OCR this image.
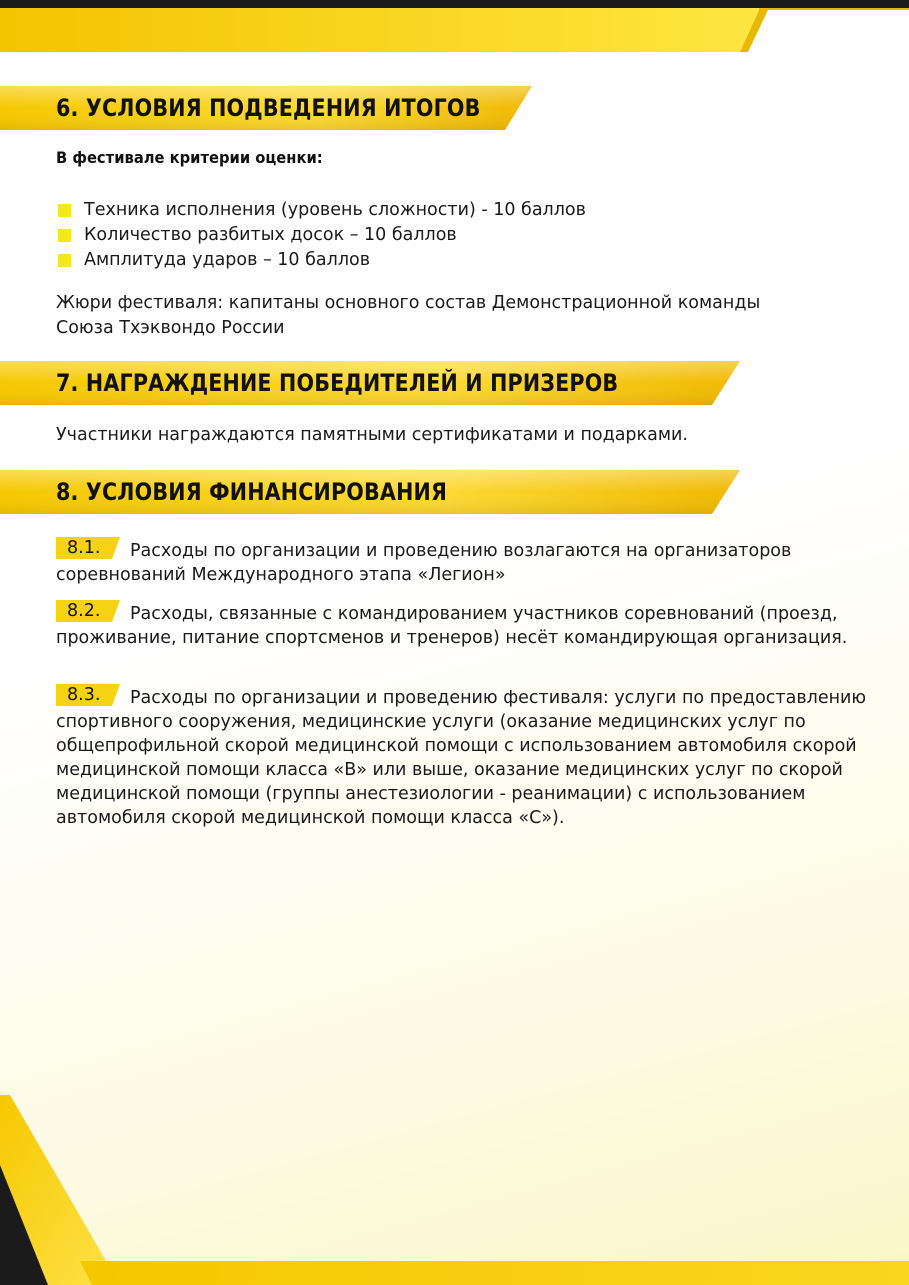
6. УСЛОВИЯ ПОДВЕДЕНИЯ ИТОГОВ
В фестивале критерии оценки:
Техника исполнения (уровень сложности) - 10 баллов
Количество разбитых досок – 10 баллов
Амплитуда ударов – 10 баллов
Жюри фестиваля: капитаны основного состав Демонстрационной команды
Союза Тхэквондо России
7. НАГРАЖДЕНИЕ ПОБЕДИТЕЛЕЙ И ПРИЗЕРОВ
Участники награждаются памятными сертификатами и подарками.
8. УСЛОВИЯ ФИНАНСИРОВАНИЯ
8.1. Расходы по организации и проведению возлагаются на организаторов соревнований Международного этапа «Легион»
8.2. Расходы, связанные с командированием участников соревнований (проезд, проживание, питание спортсменов и тренеров) несёт командирующая организация.
8.3. Расходы по организации и проведению фестиваля: услуги по предоставлению спортивного сооружения, медицинские услуги (оказание медицинских услуг по общепрофильной скорой медицинской помощи с использованием автомобиля скорой медицинской помощи класса «В» или выше, оказание медицинских услуг по скорой медицинской помощи (группы анестезиологии - реанимации) с использованием автомобиля скорой медицинской помощи класса «С»).
